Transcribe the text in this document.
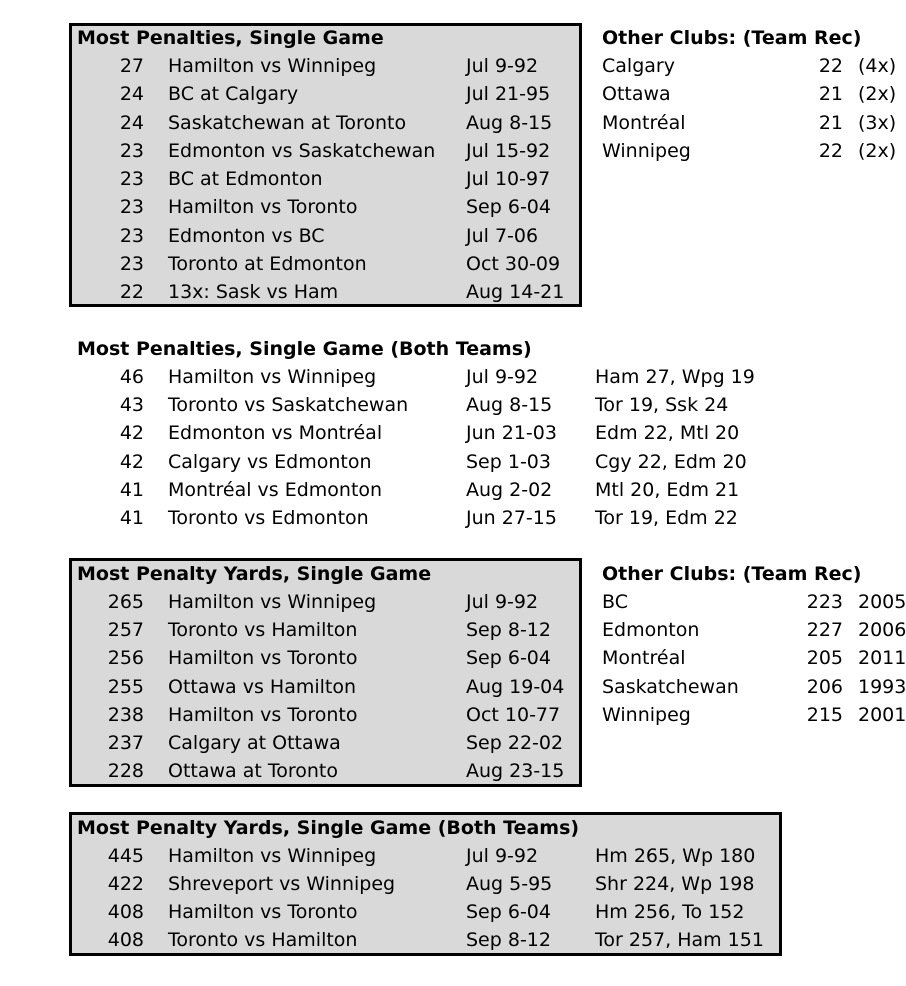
Most Penalties, Single Game
27 Hamilton vs Winnipeg	Jul 9-92
24 BC at Calgary	Jul 21-95
24 Saskatchewan at Toronto	Aug 8-15
23 Edmonton vs Saskatchewan Jul 15-92
23 BC at Edmonton	Jul 10-97
23 Hamilton vs Toronto	Sep 6-04
23 Edmonton vs BC	Jul 7-06
23 Toronto at Edmonton	Oct 30-09
22 13x: Sask vs Ham	Aug 14-21
Other Clubs: (Team Rec)
Calgary	22 (4x)
Ottawa	21 (2x)
Montréal	21 (3x)
Winnipeg	22 (2x)
Most Penalties, Single Game (Both Teams)
46 Hamilton vs Winnipeg	Jul 9-92	Ham 27, Wpg 19
43 Toronto vs Saskatchewan	Aug 8-15 Tor 19, Ssk 24
42 Edmonton vs Montréal	Jun 21-03 Edm 22, Mtl 20
42 Calgary vs Edmonton	Sep 1-03 Cgy 22, Edm 20
41 Montréal vs Edmonton	Aug 2-02 Mtl 20, Edm 21
41 Toronto vs Edmonton	Jun 27-15 Tor 19, Edm 22
Most Penalty Yards, Single Game
265 Hamilton vs Winnipeg	Jul 9-92
257 Toronto vs Hamilton	Sep 8-12
256 Hamilton vs Toronto	Sep 6-04
255 Ottawa vs Hamilton	Aug 19-04
238 Hamilton vs Toronto	Oct 10-77
237 Calgary at Ottawa	Sep 22-02
228 Ottawa at Toronto	Aug 23-15
Other Clubs: (Team Rec)
BC	223 2005
Edmonton	227 2006
Montréal	205 2011
Saskatchewan	206 1993
Winnipeg	215 2001
Most Penalty Yards, Single Game (Both Teams)
445 Hamilton vs Winnipeg	Jul 9-92	Hm 265, Wp 180
422 Shreveport vs Winnipeg	Aug 5-95 Shr 224, Wp 198
408 Hamilton vs Toronto	Sep 6-04 Hm 256, To 152
408 Toronto vs Hamilton	Sep 8-12 Tor 257, Ham 151
